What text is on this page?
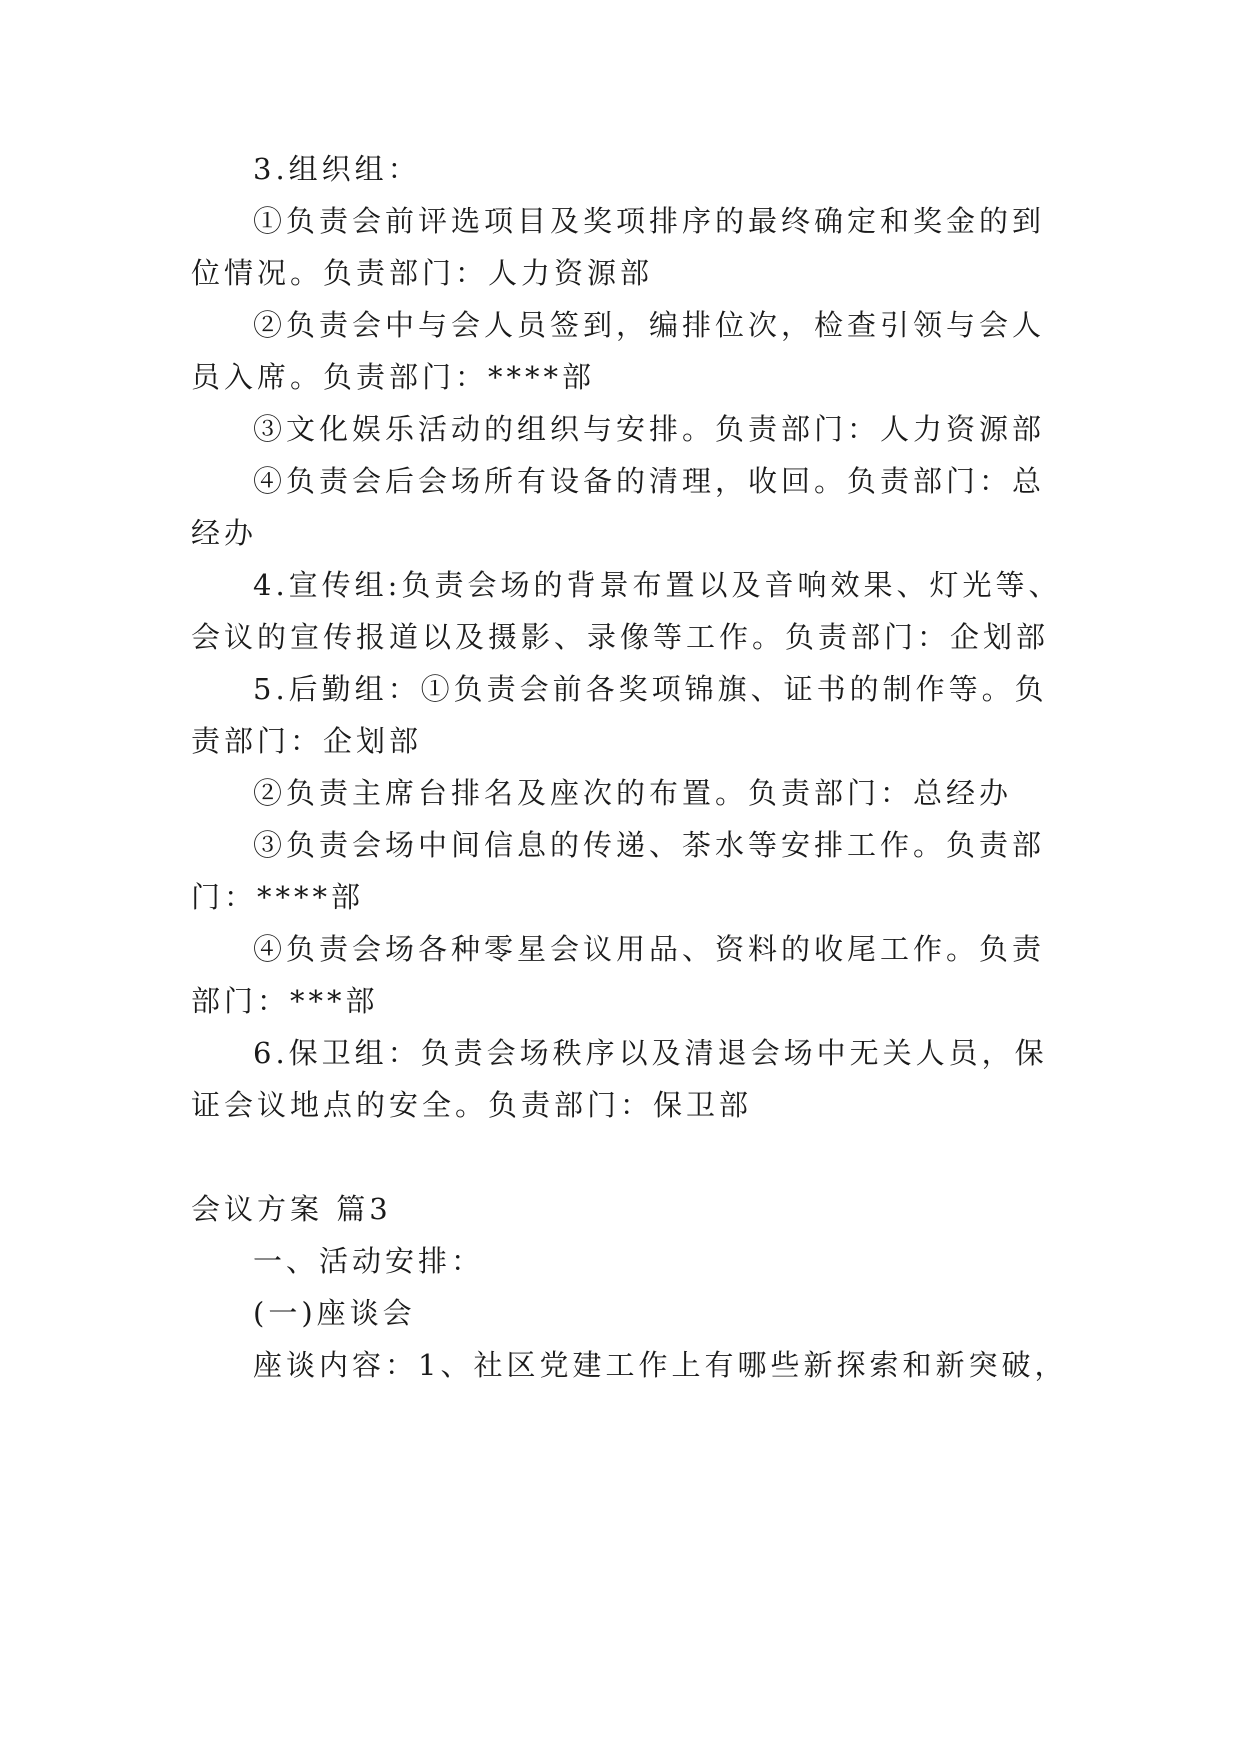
3.组织组：
①负责会前评选项目及奖项排序的最终确定和奖金的到
位情况。负责部门：人力资源部
②负责会中与会人员签到，编排位次，检查引领与会人
员入席。负责部门：****部
③文化娱乐活动的组织与安排。负责部门：人力资源部
④负责会后会场所有设备的清理，收回。负责部门：总
经办
4.宣传组:负责会场的背景布置以及音响效果、灯光等、
会议的宣传报道以及摄影、录像等工作。负责部门：企划部
5.后勤组：①负责会前各奖项锦旗、证书的制作等。负
责部门：企划部
②负责主席台排名及座次的布置。负责部门：总经办
③负责会场中间信息的传递、茶水等安排工作。负责部
门：****部
④负责会场各种零星会议用品、资料的收尾工作。负责
部门：***部
6.保卫组：负责会场秩序以及清退会场中无关人员，保
证会议地点的安全。负责部门：保卫部
会议方案 篇3
一、活动安排：
(一)座谈会
座谈内容：1、社区党建工作上有哪些新探索和新突破，
